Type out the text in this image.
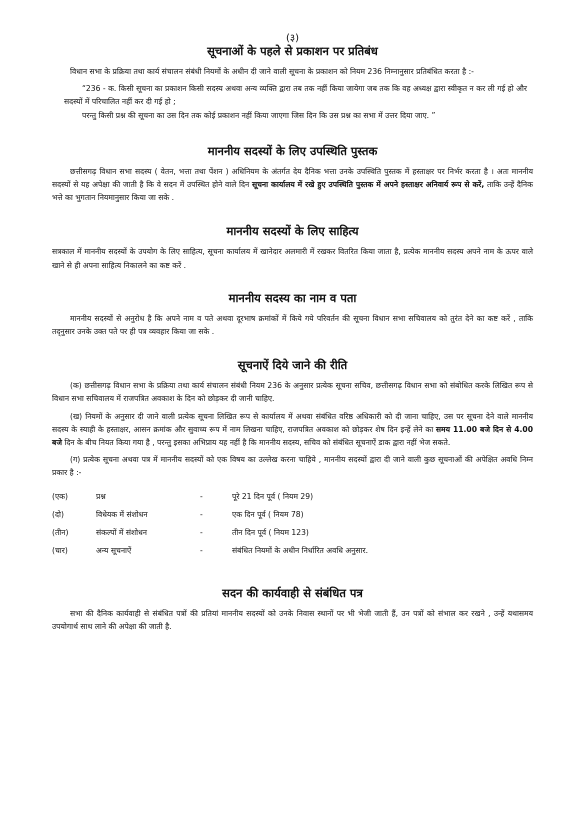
(३)
सूचनाओं के पहले से प्रकाशन पर प्रतिबंध

विधान सभा के प्रक्रिया तथा कार्य संचालन संबंधी नियमों के अधीन दी जाने वाली सूचना के प्रकाशन को नियम 236 निम्नानुसार प्रतिबंधित करता है :-

“236 - क. किसी सूचना का प्रकाशन किसी सदस्य अथवा अन्य व्यक्ति द्वारा तब तक नहीं किया जायेगा जब तक कि वह अध्यक्ष द्वारा स्वीकृत न कर ली गई हो और सदस्यों में परिचालित नहीं कर दी गई हो ;

परन्तु किसी प्रश्न की सूचना का उस दिन तक कोई प्रकाशन नहीं किया जाएगा जिस दिन कि उस प्रश्न का सभा में उत्तर दिया जाए. ”

माननीय सदस्यों के लिए उपस्थिति पुस्तक

छत्तीसगढ़ विधान सभा सदस्य ( वेतन, भत्ता तथा पेंशन ) अधिनियम के अंतर्गत देय दैनिक भत्ता उनके उपस्थिति पुस्तक में हस्ताक्षर पर निर्भर करता है । अतः माननीय सदस्यों से यह अपेक्षा की जाती है कि वे सदन में उपस्थित होने वाले दिन सूचना कार्यालय में रखे हुए उपस्थिति पुस्तक में अपने हस्ताक्षर अनिवार्य रूप से करें, ताकि उन्हें दैनिक भत्ते का भुगतान नियमानुसार किया जा सके .

माननीय सदस्यों के लिए साहित्य

सत्रकाल में माननीय सदस्यों के उपयोग के लिए साहित्य, सूचना कार्यालय में खानेदार अलमारी में रखकर वितरित किया जाता है, प्रत्येक माननीय सदस्य अपने नाम के ऊपर वाले खाने से ही अपना साहित्य निकालने का कष्ट करें .

माननीय सदस्य का नाम व पता

माननीय सदस्यों से अनुरोध है कि अपने नाम व पते अथवा दूरभाष क्रमांकों में किये गये परिवर्तन की सूचना विधान सभा सचिवालय को तुरंत देने का कष्ट करें , ताकि तद्नुसार उनके उक्त पते पर ही पत्र व्यवहार किया जा सके .

सूचनाऐं दिये जाने की रीति

(क) छत्तीसगढ़ विधान सभा के प्रक्रिया तथा कार्य संचालन संबंधी नियम 236 के अनुसार प्रत्येक सूचना सचिव, छत्तीसगढ़ विधान सभा को संबोधित करके लिखित रूप से विधान सभा सचिवालय में राजपत्रित अवकाश के दिन को छोड़कर दी जानी चाहिए.

(ख) नियमों के अनुसार दी जाने वाली प्रत्येक सूचना लिखित रूप से कार्यालय में अथवा संबंधित वरिष्ठ अधिकारी को दी जाना चाहिए, उस पर सूचना देने वाले माननीय सदस्य के स्याही के हस्ताक्षर, आसन क्रमांक और सुवाच्य रूप में नाम लिखना चाहिए, राजपत्रित अवकाश को छोड़कर शेष दिन इन्हें लेने का समय 11.00 बजे दिन से 4.00 बजे दिन के बीच नियत किया गया है , परन्तु इसका अभिप्राय यह नहीं है कि माननीय सदस्य, सचिव को संबंधित सूचनाऐं डाक द्वारा नहीं भेज सकते.

(ग) प्रत्येक सूचना अथवा पत्र में माननीय सदस्यों को एक विषय का उल्लेख करना चाहिये , माननीय सदस्यों द्वारा दी जाने वाली कुछ सूचनाओं की अपेक्षित अवधि निम्न प्रकार है :-

(एक)	प्रश्न	-	पूरे 21 दिन पूर्व ( नियम 29)
(दो)	विधेयक में संशोधन	-	एक दिन पूर्व ( नियम 78)
(तीन)	संकल्पों में संशोधन	-	तीन दिन पूर्व ( नियम 123)
(चार)	अन्य सूचनाऐं	-	संबंधित नियमों के अधीन निर्धारित अवधि अनुसार.
सदन की कार्यवाही से संबंधित पत्र

सभा की दैनिक कार्यवाही से संबंधित पत्रों की प्रतियां माननीय सदस्यों को उनके निवास स्थानों पर भी भेजी जाती हैं, उन पत्रों को संभाल कर रखने , उन्हें यथासमय उपयोगार्थ साथ लाने की अपेक्षा की जाती है.
